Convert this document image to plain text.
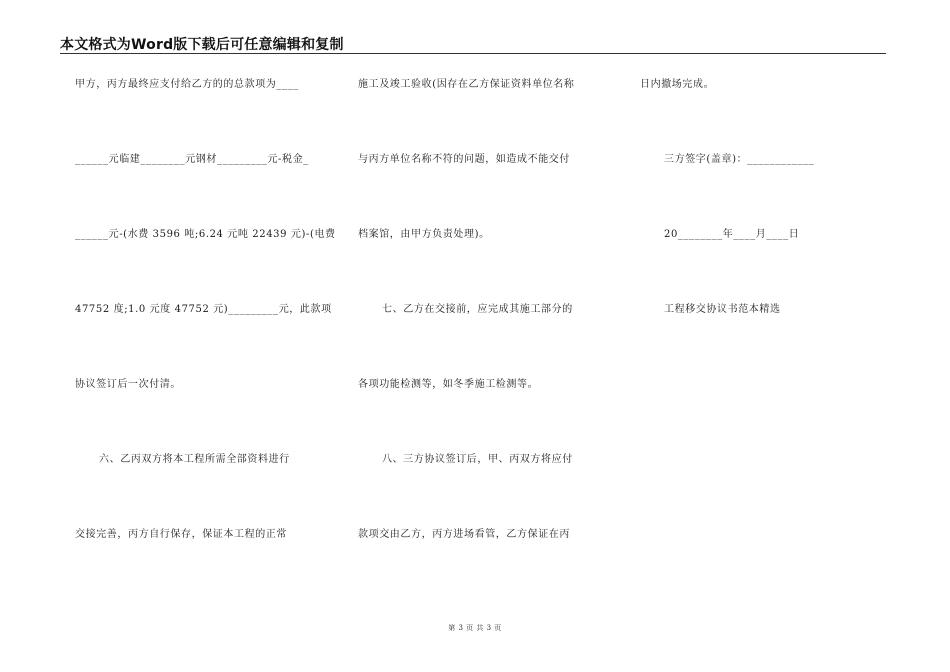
本文格式为Word版下载后可任意编辑和复制
甲方，丙方最终应支付给乙方的的总款项为____
______元临建________元钢材_________元-税金_
______元-(水费 3596 吨;6.24 元吨 22439 元)-(电费
47752 度;1.0 元度 47752 元)_________元，此款项
协议签订后一次付清。
六、乙丙双方将本工程所需全部资料进行
交接完善，丙方自行保存，保证本工程的正常
施工及竣工验收(因存在乙方保证资料单位名称
与丙方单位名称不符的问题，如造成不能交付
档案馆，由甲方负责处理)。
七、乙方在交接前，应完成其施工部分的
各项功能检测等，如冬季施工检测等。
八、三方协议签订后，甲、丙双方将应付
款项交由乙方，丙方进场看管，乙方保证在丙
日内撤场完成。
三方签字(盖章)：____________
20________年____月____日
工程移交协议书范本精选
第 3 页 共 3 页
